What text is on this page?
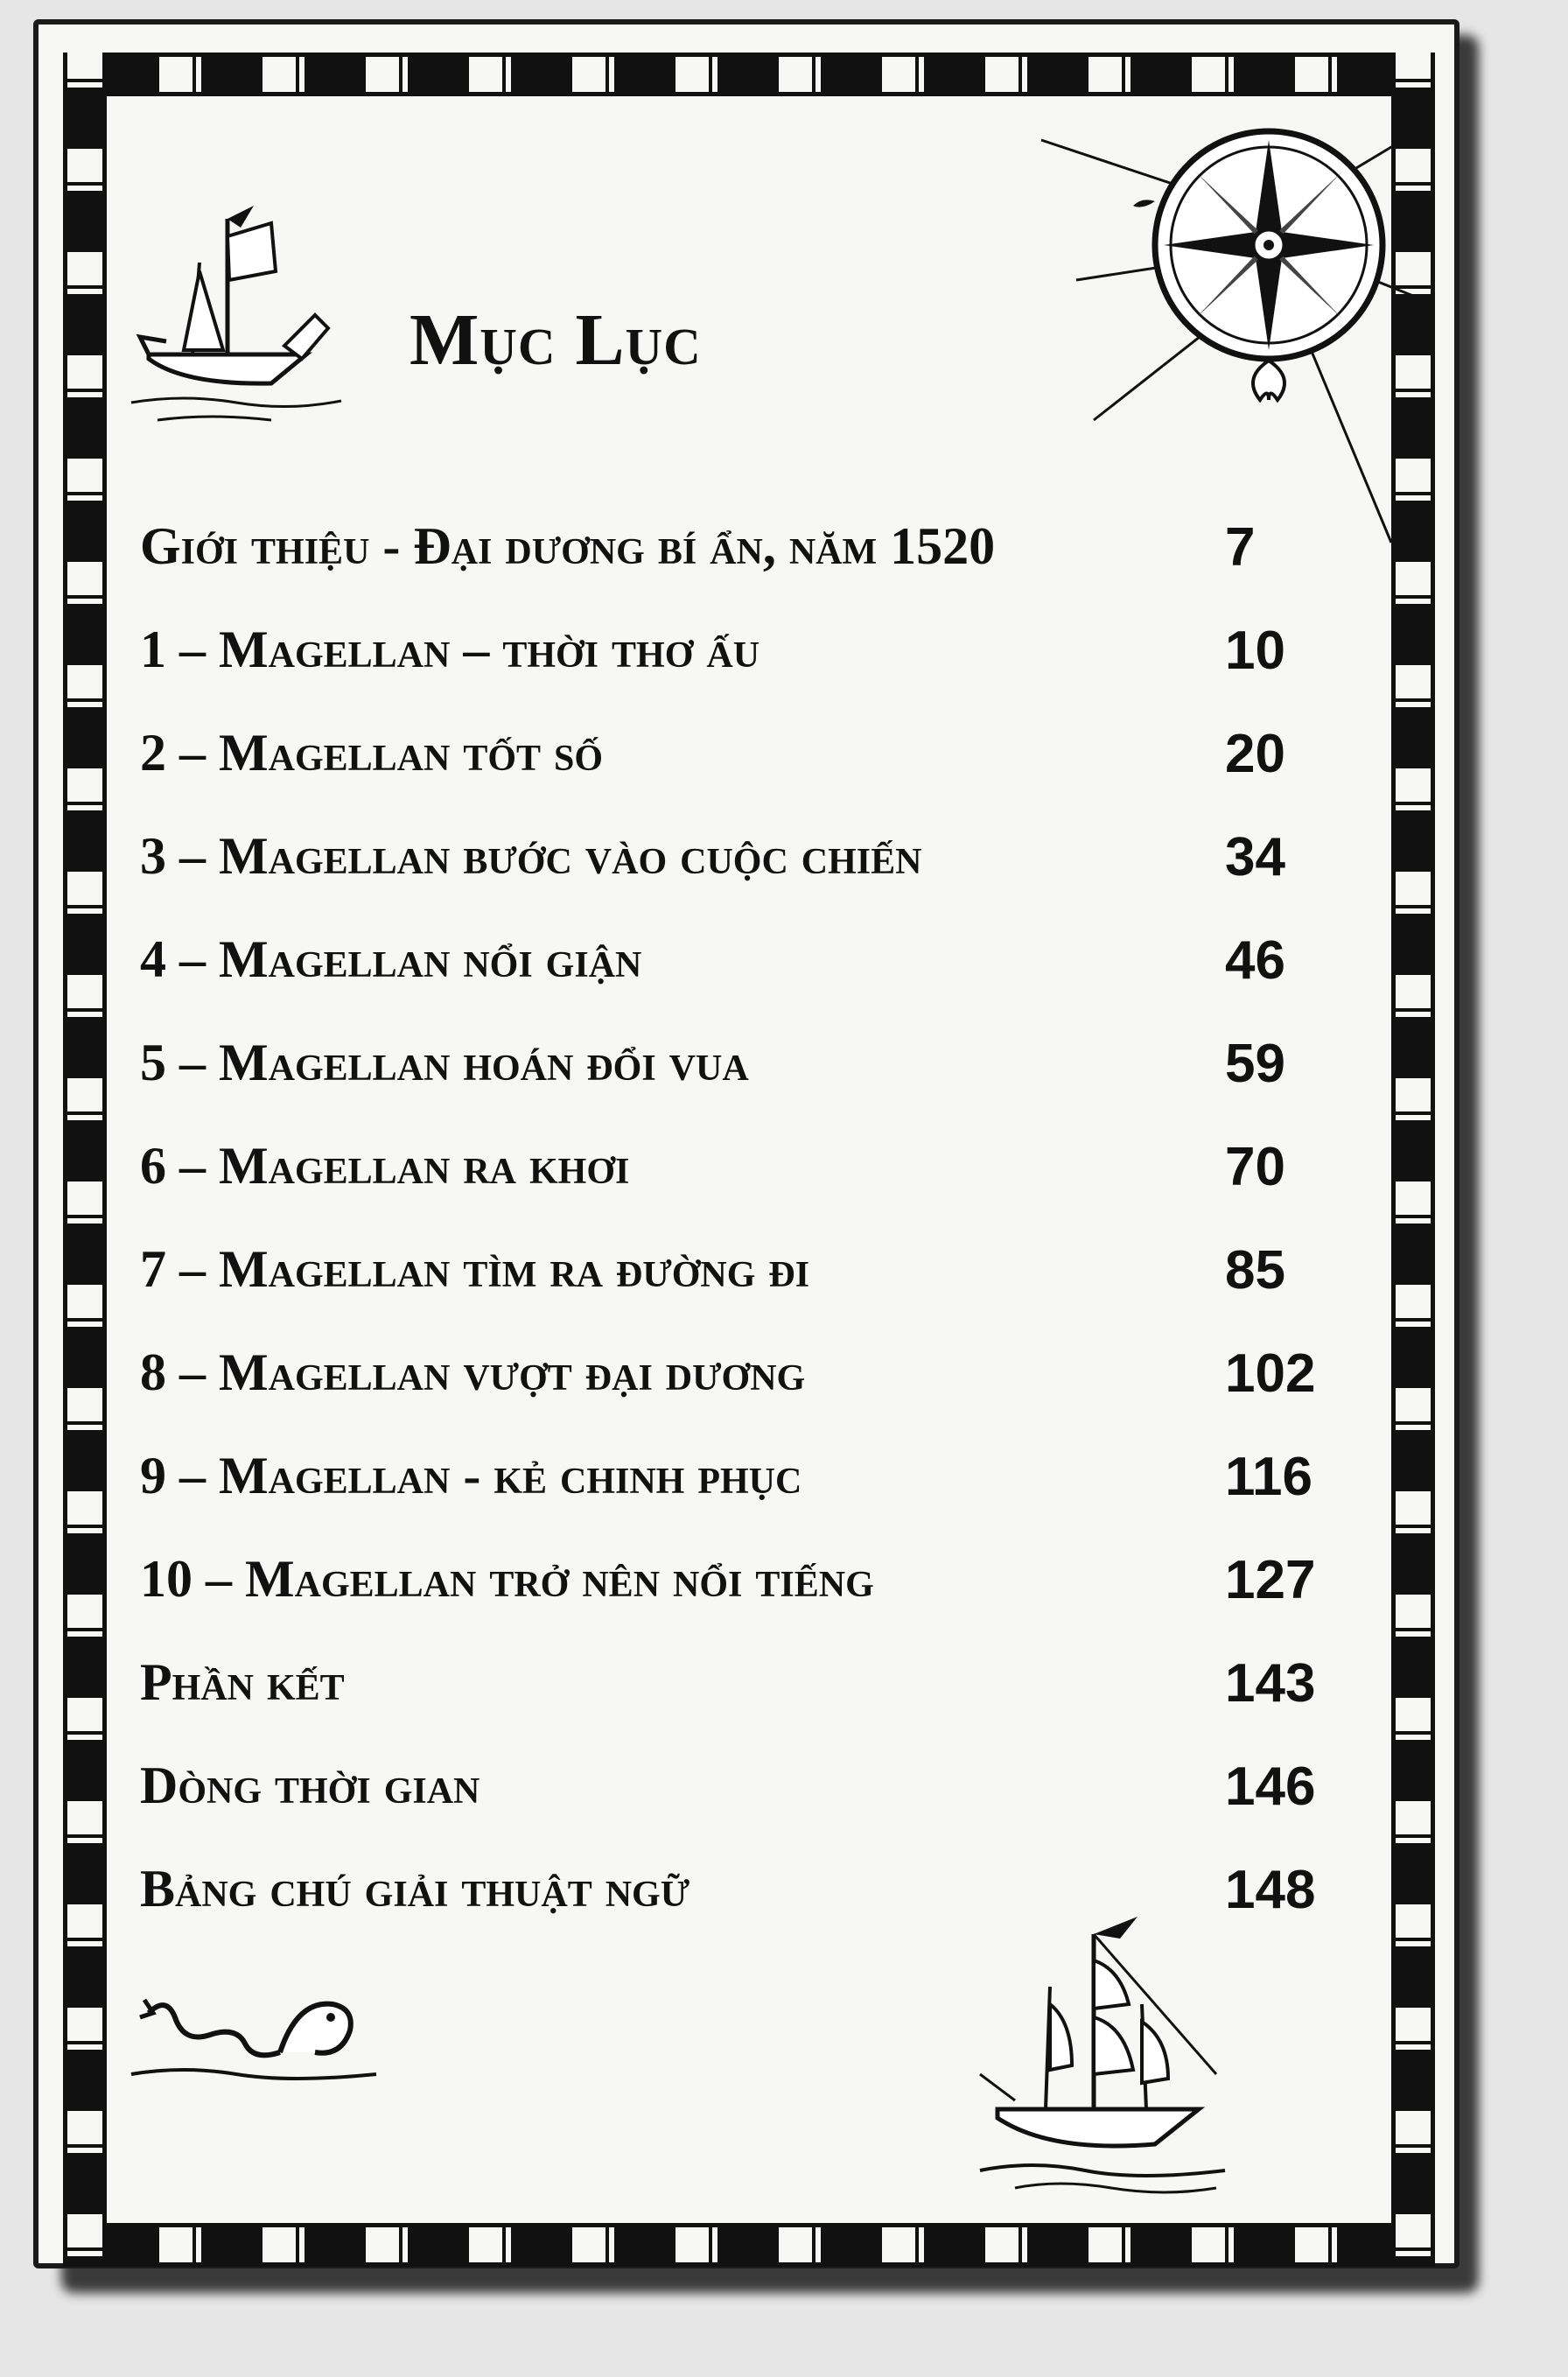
Mục Lục
Giới thiệu - Đại dương bí ẩn, năm 1520	7
1 – Magellan – thời thơ ấu	10
2 – Magellan tốt số	20
3 – Magellan bước vào cuộc chiến	34
4 – Magellan nổi giận	46
5 – Magellan hoán đổi vua	59
6 – Magellan ra khơi	70
7 – Magellan tìm ra đường đi	85
8 – Magellan vượt đại dương	102
9 – Magellan - kẻ chinh phục	116
10 – Magellan trở nên nổi tiếng	127
Phần kết	143
Dòng thời gian	146
Bảng chú giải thuật ngữ	148
